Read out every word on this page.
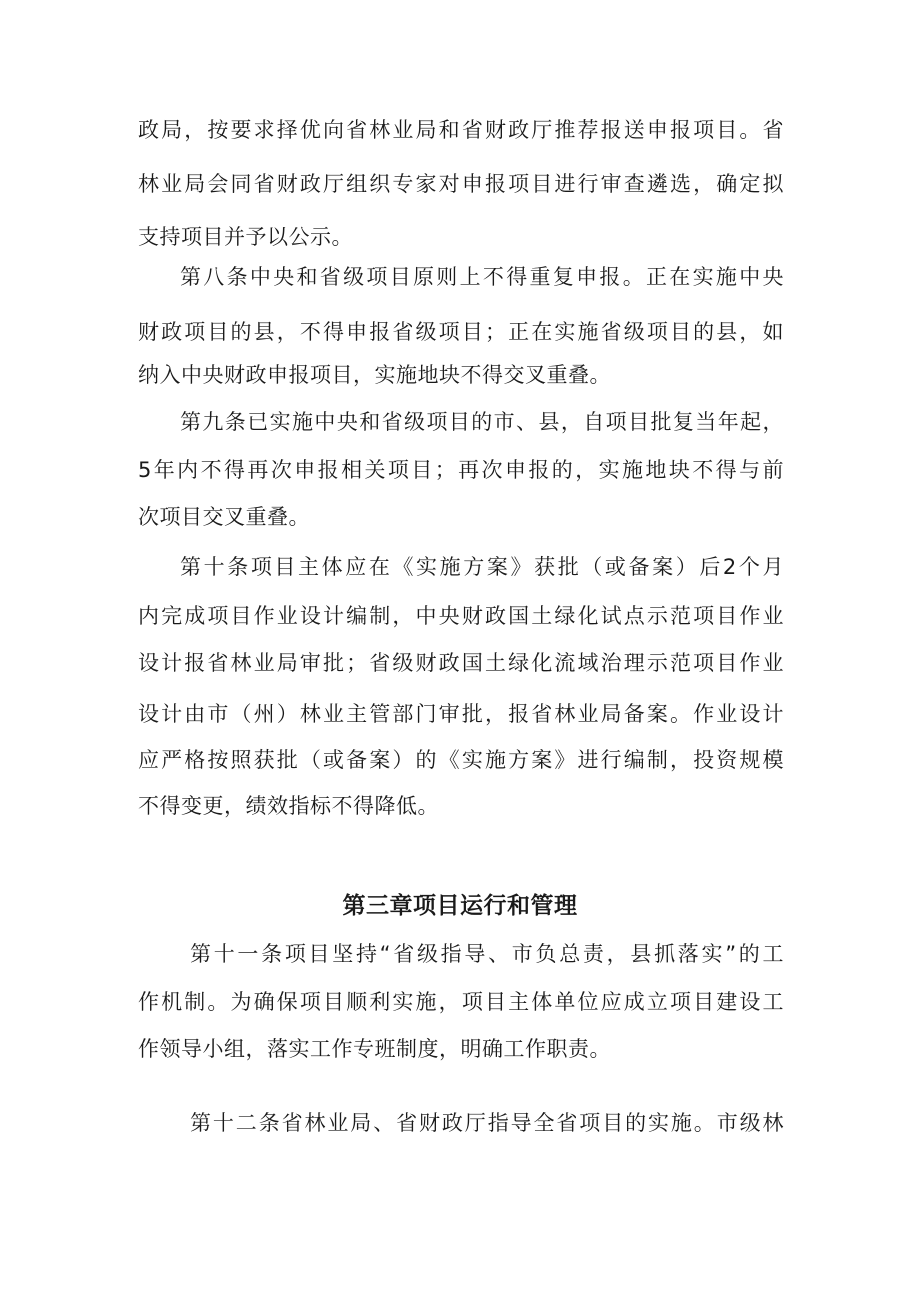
政局，按要求择优向省林业局和省财政厅推荐报送申报项目。省
林业局会同省财政厅组织专家对申报项目进行审查遴选，确定拟
支持项目并予以公示。
第八条中央和省级项目原则上不得重复申报。正在实施中央
财政项目的县，不得申报省级项目；正在实施省级项目的县，如
纳入中央财政申报项目，实施地块不得交叉重叠。
第九条已实施中央和省级项目的市、县，自项目批复当年起，
5年内不得再次申报相关项目；再次申报的，实施地块不得与前
次项目交叉重叠。
第十条项目主体应在《实施方案》获批（或备案）后2个月
内完成项目作业设计编制，中央财政国土绿化试点示范项目作业
设计报省林业局审批；省级财政国土绿化流域治理示范项目作业
设计由市（州）林业主管部门审批，报省林业局备案。作业设计
应严格按照获批（或备案）的《实施方案》进行编制，投资规模
不得变更，绩效指标不得降低。
第三章项目运行和管理
第十一条项目坚持“省级指导、市负总责，县抓落实”的工
作机制。为确保项目顺利实施，项目主体单位应成立项目建设工
作领导小组，落实工作专班制度，明确工作职责。
第十二条省林业局、省财政厅指导全省项目的实施。市级林
